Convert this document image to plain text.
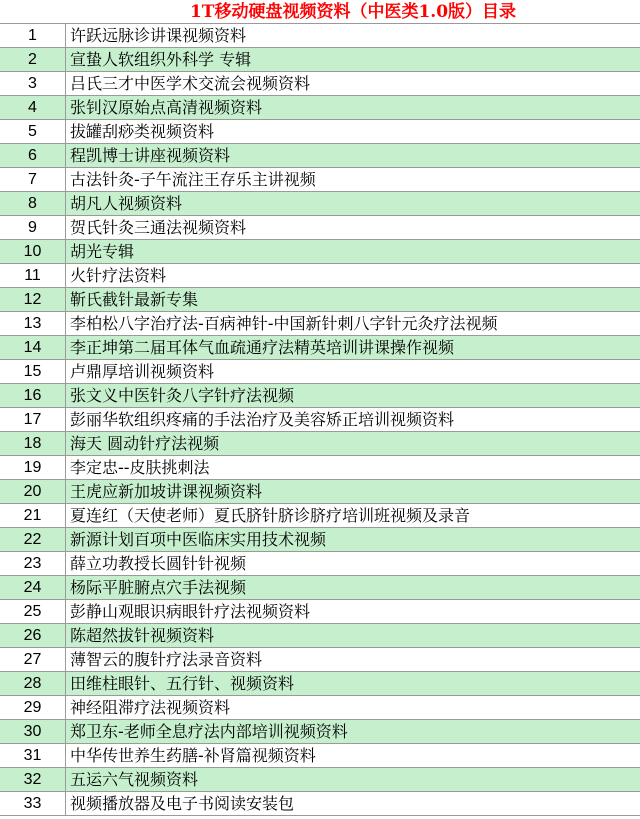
1T移动硬盘视频资料（中医类1.0版）目录
1	许跃远脉诊讲课视频资料
2	宣蛰人软组织外科学 专辑
3	吕氏三才中医学术交流会视频资料
4	张钊汉原始点高清视频资料
5	拔罐刮痧类视频资料
6	程凯博士讲座视频资料
7	古法针灸-子午流注王存乐主讲视频
8	胡凡人视频资料
9	贺氏针灸三通法视频资料
10	胡光专辑
11	火针疗法资料
12	靳氏截针最新专集
13	李柏松八字治疗法-百病神针-中国新针刺八字针元灸疗法视频
14	李正坤第二届耳体气血疏通疗法精英培训讲课操作视频
15	卢鼎厚培训视频资料
16	张文义中医针灸八字针疗法视频
17	彭丽华软组织疼痛的手法治疗及美容矫正培训视频资料
18	海天 圆动针疗法视频
19	李定忠--皮肤挑刺法
20	王虎应新加坡讲课视频资料
21	夏连红（天使老师）夏氏脐针脐诊脐疗培训班视频及录音
22	新源计划百项中医临床实用技术视频
23	薛立功教授长圆针针视频
24	杨际平脏腑点穴手法视频
25	彭静山观眼识病眼针疗法视频资料
26	陈超然拔针视频资料
27	薄智云的腹针疗法录音资料
28	田维柱眼针、五行针、视频资料
29	神经阻滞疗法视频资料
30	郑卫东-老师全息疗法内部培训视频资料
31	中华传世养生药膳-补肾篇视频资料
32	五运六气视频资料
33	视频播放器及电子书阅读安装包
